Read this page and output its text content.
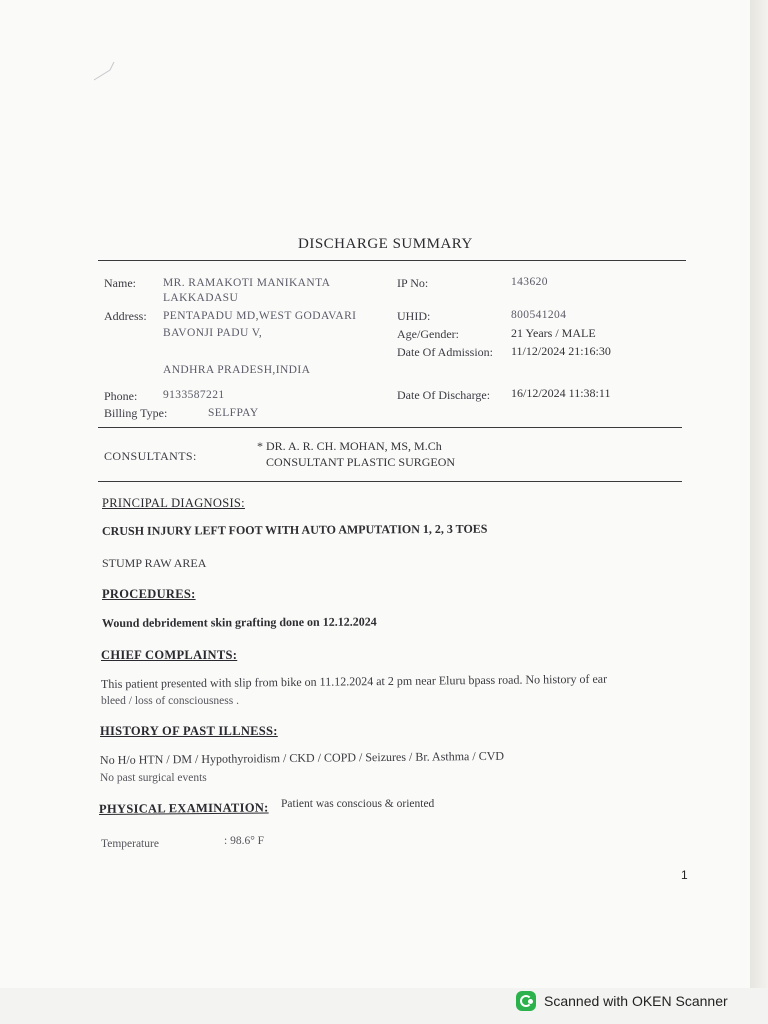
DISCHARGE SUMMARY
Name: MR. RAMAKOTI MANIKANTA
LAKKADASU
Address: PENTAPADU MD,WEST GODAVARI
BAVONJI PADU V,
ANDHRA PRADESH,INDIA
Phone: 9133587221
Billing Type:	SELFPAY
IP No:	143620
UHID:	800541204
Age/Gender:	21 Years / MALE
Date Of Admission: 11/12/2024 21:16:30
Date Of Discharge: 16/12/2024 11:38:11
CONSULTANTS:
* DR. A. R. CH. MOHAN, MS, M.Ch
CONSULTANT PLASTIC SURGEON
PRINCIPAL DIAGNOSIS:
CRUSH INJURY LEFT FOOT WITH AUTO AMPUTATION 1, 2, 3 TOES
STUMP RAW AREA
PROCEDURES:
Wound debridement skin grafting done on 12.12.2024
CHIEF COMPLAINTS:
This patient presented with slip from bike on 11.12.2024 at 2 pm near Eluru bpass road. No history of ear
bleed / loss of consciousness .
HISTORY OF PAST ILLNESS:
No H/o HTN / DM / Hypothyroidism / CKD / COPD / Seizures / Br. Asthma / CVD
No past surgical events
PHYSICAL EXAMINATION: Patient was conscious & oriented
Temperature	: 98.6° F
1
Scanned with OKEN Scanner
